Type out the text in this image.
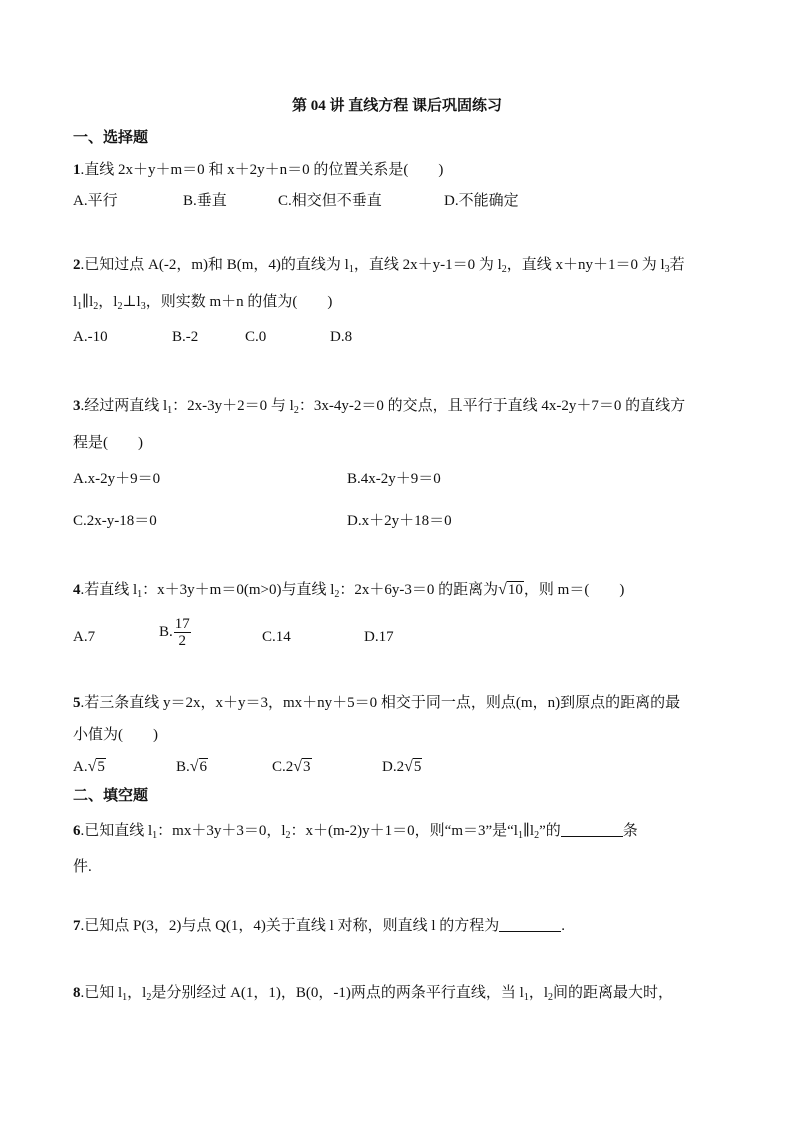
第 04 讲 直线方程 课后巩固练习
一、选择题
1.直线 2x＋y＋m＝0 和 x＋2y＋n＝0 的位置关系是(　　)
A.平行	B.垂直	C.相交但不垂直	D.不能确定
2.已知过点 A(-2，m)和 B(m，4)的直线为 $l_1$，直线 2x＋y-1＝0 为 $l_2$，直线 x＋ny＋1＝0 为 $l_3$若
$l_1\parallel l_2$，$l_2\perp l_3$，则实数 m＋n 的值为(　　)
A.-10	B.-2	C.0	D.8
3.经过两直线 $l_1$：2x-3y＋2＝0 与 $l_2$：3x-4y-2＝0 的交点，且平行于直线 4x-2y＋7＝0 的直线方
程是(　　)
A.x-2y＋9＝0	B.4x-2y＋9＝0
C.2x-y-18＝0	D.x＋2y＋18＝0
4.若直线 $l_1$：x＋3y＋m＝0(m>0)与直线 $l_2$：2x＋6y-3＝0 的距离为√10，则 m＝(　　)
A.7	B. $\frac{17}{2}$	C.14	D.17
5.若三条直线 y＝2x，x＋y＝3，mx＋ny＋5＝0 相交于同一点，则点(m，n)到原点的距离的最
小值为(　　)
A.√5	B.√6	C.2√3	D.2√5
二、填空题
6.已知直线 $l_1$：mx＋3y＋3＝0，$l_2$：x＋(m-2)y＋1＝0，则“m＝3”是“$l_1\parallel l_2$”的	条
件.
7.已知点 P(3，2)与点 Q(1，4)关于直线 l 对称，则直线 l 的方程为	.
8.已知 $l_1$，$l_2$是分别经过 A(1，1)，B(0，-1)两点的两条平行直线，当 $l_1$，$l_2$间的距离最大时，
